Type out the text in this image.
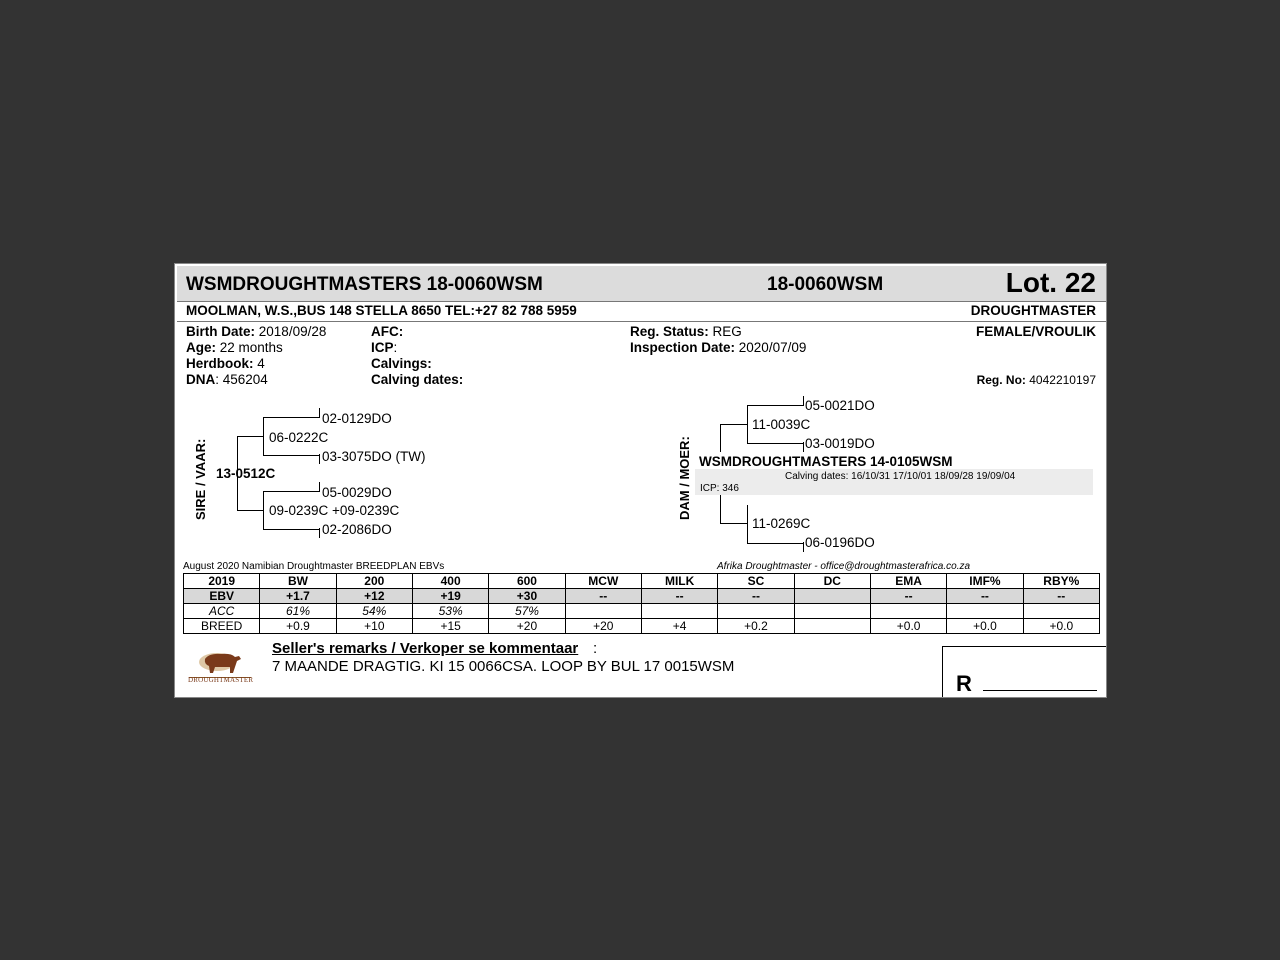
WSMDROUGHTMASTERS 18-0060WSM	18-0060WSM	Lot. 22
MOOLMAN, W.S.,BUS 148 STELLA 8650 TEL:+27 82 788 5959	DROUGHTMASTER
Birth Date: 2018/09/28
Age: 22 months
Herdbook: 4
DNA: 456204
AFC:
ICP:
Calvings:
Calving dates:
Reg. Status: REG
Inspection Date: 2020/07/09
FEMALE/VROULIK
Reg. No: 4042210197
SIRE / VAAR: 13-0512C
06-0222C
02-0129DO
03-3075DO (TW)
09-0239C +09-0239C
05-0029DO
02-2086DO
DAM / MOER: WSMDROUGHTMASTERS 14-0105WSM
Calving dates: 16/10/31 17/10/01 18/09/28 19/09/04
ICP: 346
11-0039C
05-0021DO
03-0019DO
11-0269C
06-0196DO
August 2020 Namibian Droughtmaster BREEDPLAN EBVs	Afrika Droughtmaster - office@droughtmasterafrica.co.za
2019	BW	200	400	600	MCW	MILK	SC	DC	EMA	IMF%	RBY%
EBV	+1.7	+12	+19	+30	--	--	--		--	--	--
ACC	61%	54%	53%	57%							
BREED	+0.9	+10	+15	+20	+20	+4	+0.2		+0.0	+0.0	+0.0
DROUGHTMASTER
Seller's remarks / Verkoper se kommentaar :
7 MAANDE DRAGTIG. KI 15 0066CSA. LOOP BY BUL 17 0015WSM
R
